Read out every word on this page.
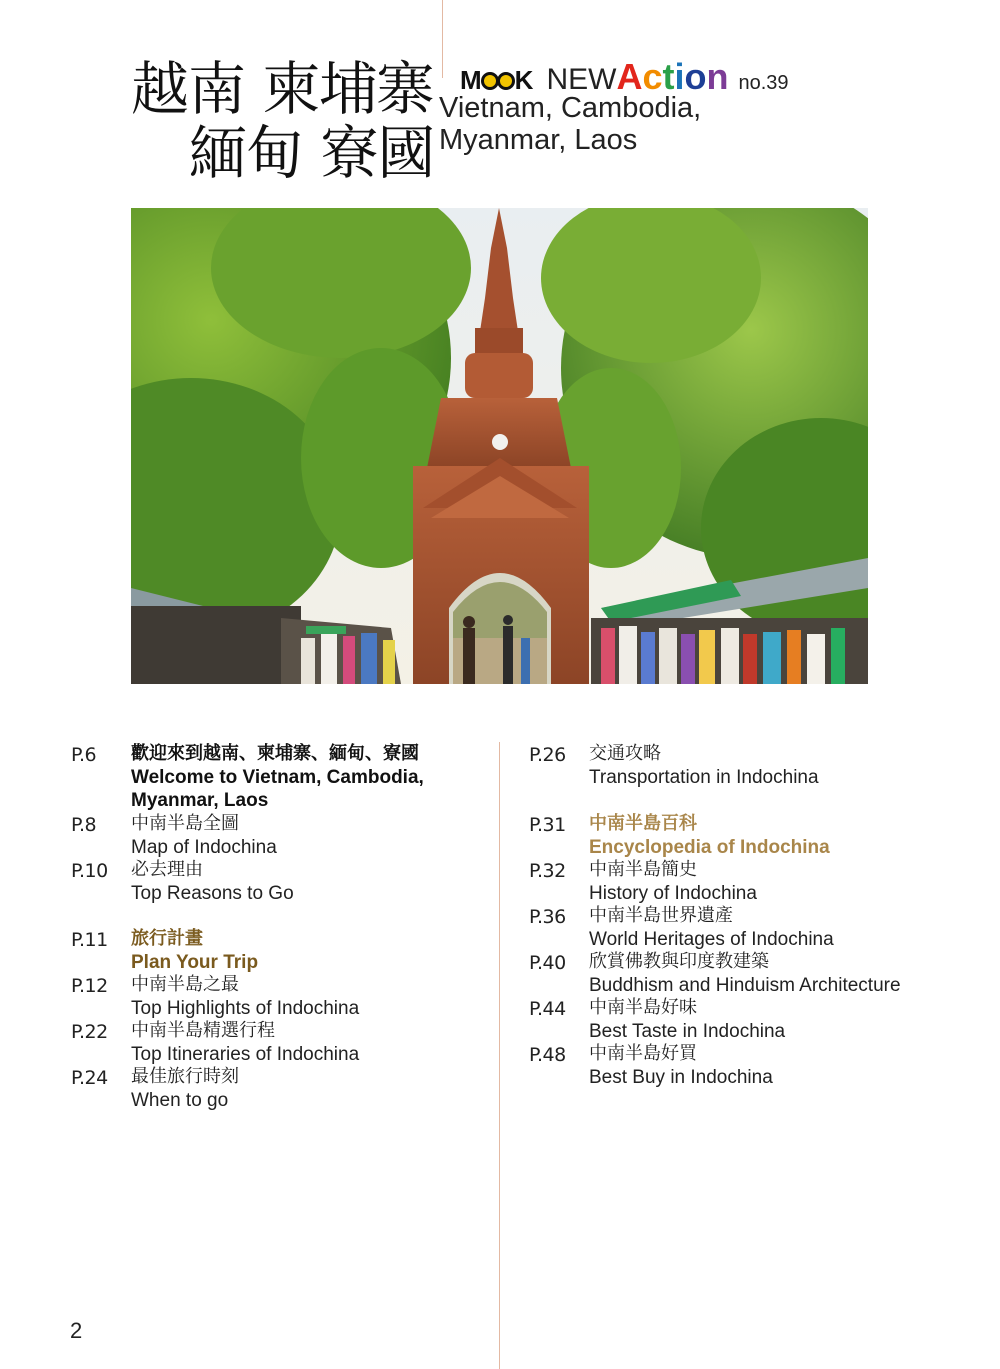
越南 柬埔寨
緬甸 寮國
M K NEWAction no.39
Vietnam, Cambodia,
Myanmar, Laos
P.6 歡迎來到越南、柬埔寨、緬甸、寮國
Welcome to Vietnam, Cambodia,
Myanmar, Laos
P.8 中南半島全圖
Map of Indochina
P.10 必去理由
Top Reasons to Go
P.11 旅行計畫
Plan Your Trip
P.12 中南半島之最
Top Highlights of Indochina
P.22 中南半島精選行程
Top Itineraries of Indochina
P.24 最佳旅行時刻
When to go
P.26 交通攻略
Transportation in Indochina
P.31 中南半島百科
Encyclopedia of Indochina
P.32 中南半島簡史
History of Indochina
P.36 中南半島世界遺產
World Heritages of Indochina
P.40 欣賞佛教與印度教建築
Buddhism and Hinduism Architecture
P.44 中南半島好味
Best Taste in Indochina
P.48 中南半島好買
Best Buy in Indochina
2
